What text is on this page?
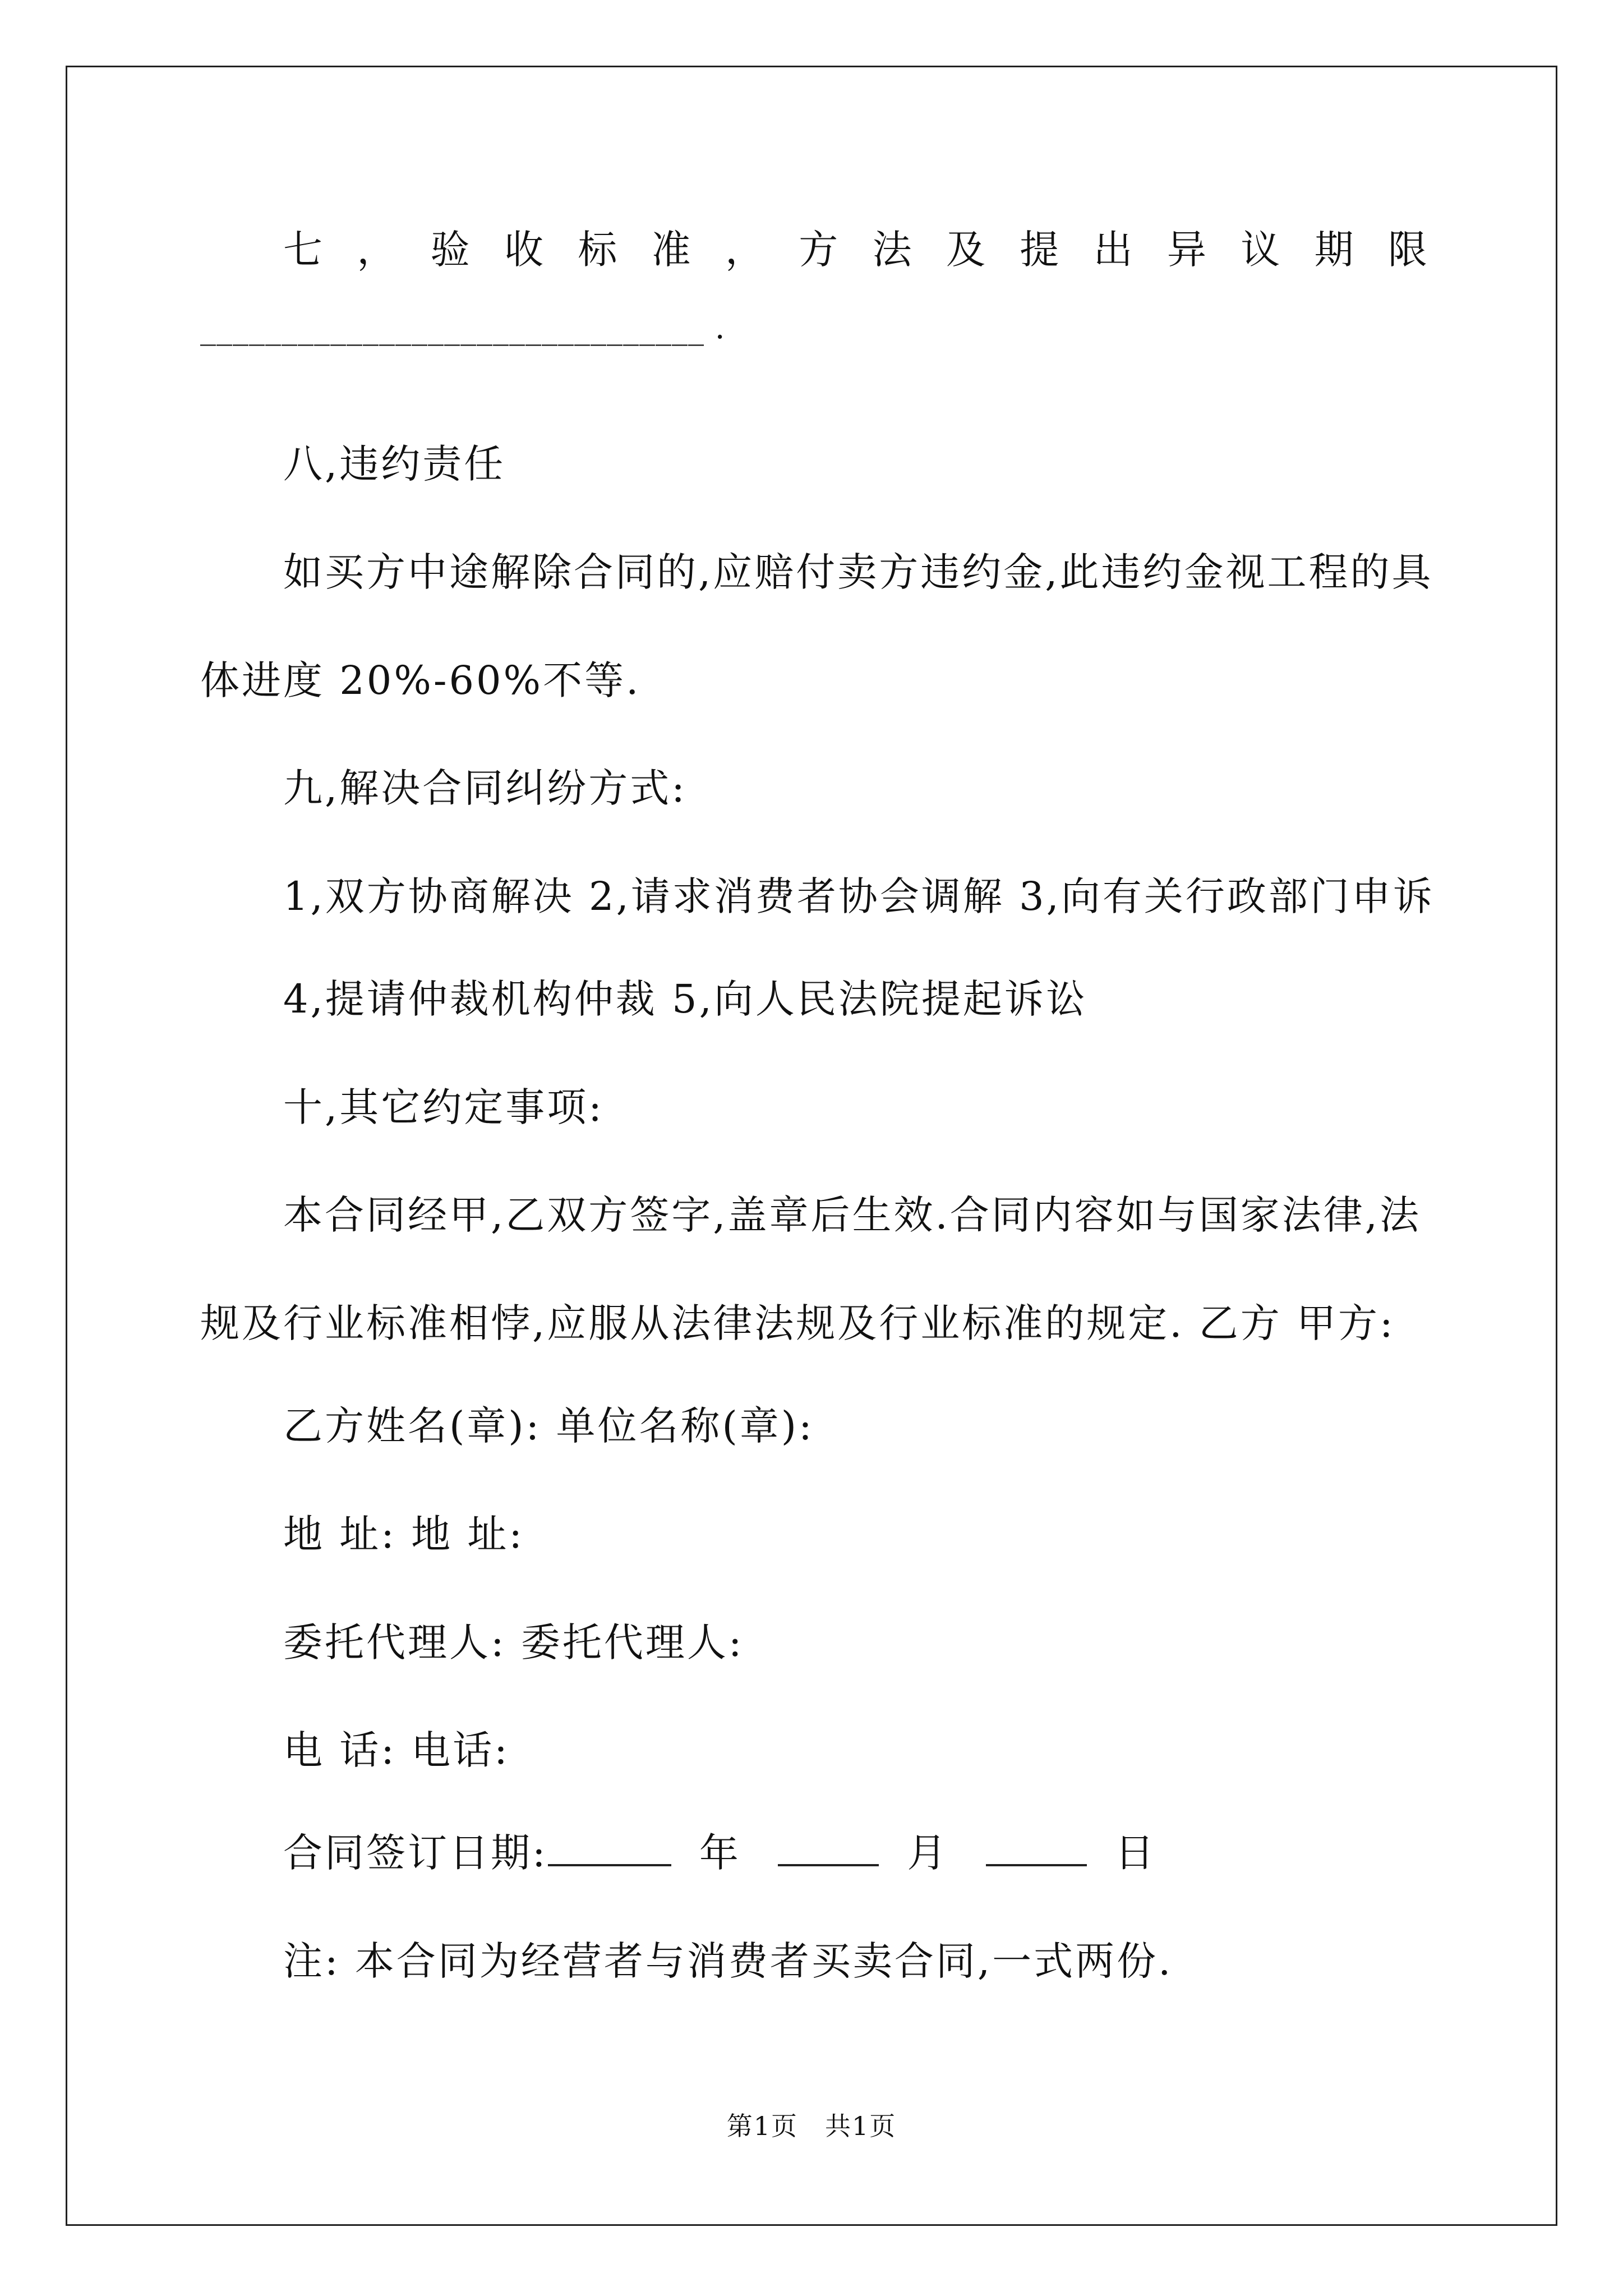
七 ， 验 收 标 准 ， 方 法 及 提 出 异 议 期 限
_______________________________ .
八,违约责任
如买方中途解除合同的,应赔付卖方违约金,此违约金视工程的具
体进度 20%-60%不等.
九,解决合同纠纷方式:
1,双方协商解决 2,请求消费者协会调解 3,向有关行政部门申诉
4,提请仲裁机构仲裁 5,向人民法院提起诉讼
十,其它约定事项:
本合同经甲,乙双方签字,盖章后生效.合同内容如与国家法律,法
规及行业标准相悖,应服从法律法规及行业标准的规定. 乙方 甲方:
乙方姓名(章): 单位名称(章):
地 址: 地 址:
委托代理人: 委托代理人:
电 话: 电话:
合同签订日期:	年	月	日
注: 本合同为经营者与消费者买卖合同,一式两份.
第1页　共1页
